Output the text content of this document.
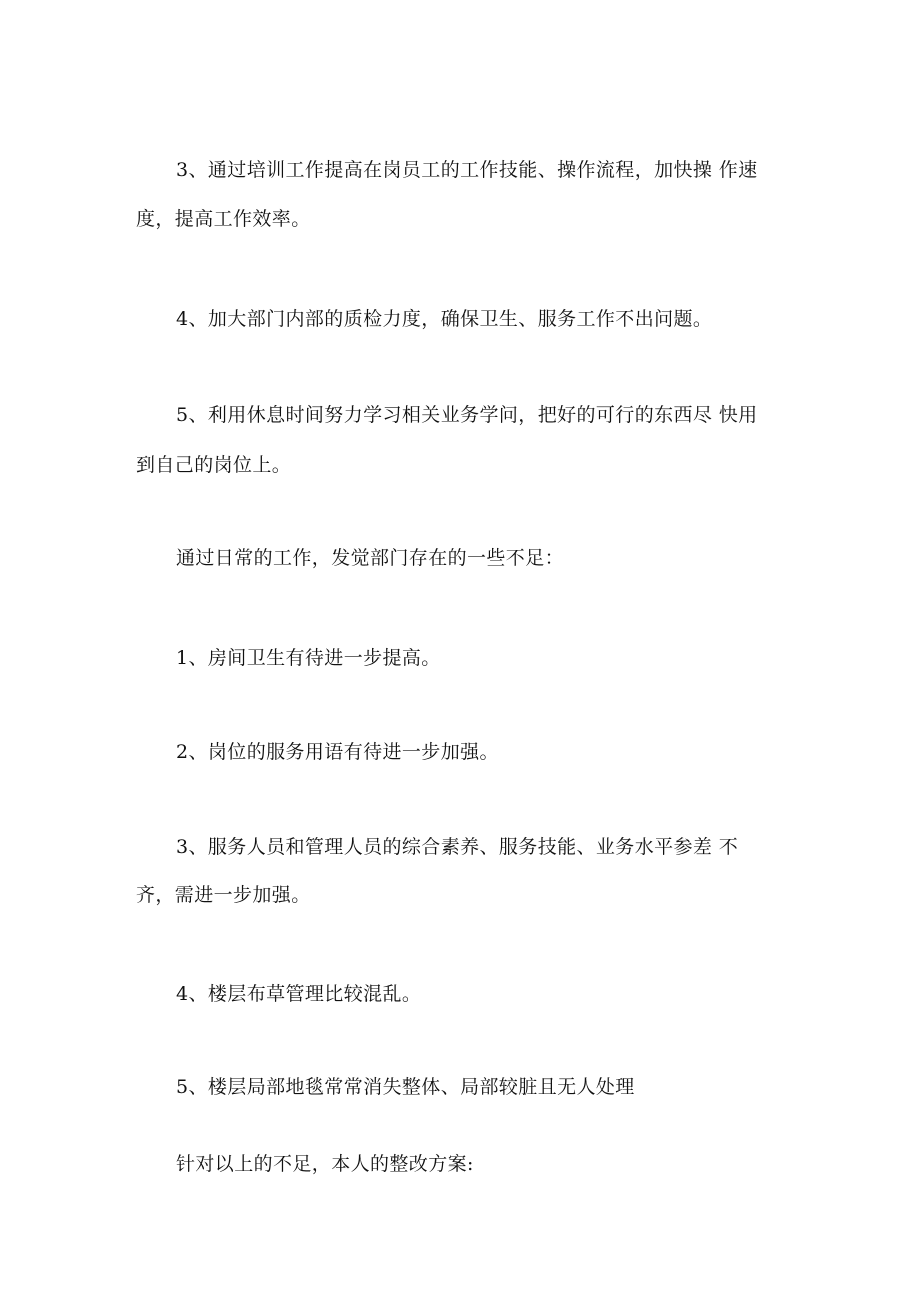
3、通过培训工作提高在岗员工的工作技能、操作流程，加快操 作速
度，提高工作效率。
4、加大部门内部的质检力度，确保卫生、服务工作不出问题。
5、利用休息时间努力学习相关业务学问，把好的可行的东西尽 快用
到自己的岗位上。
通过日常的工作，发觉部门存在的一些不足：
1、房间卫生有待进一步提高。
2、岗位的服务用语有待进一步加强。
3、服务人员和管理人员的综合素养、服务技能、业务水平参差 不
齐，需进一步加强。
4、楼层布草管理比较混乱。
5、楼层局部地毯常常消失整体、局部较脏且无人处理
针对以上的不足，本人的整改方案:
